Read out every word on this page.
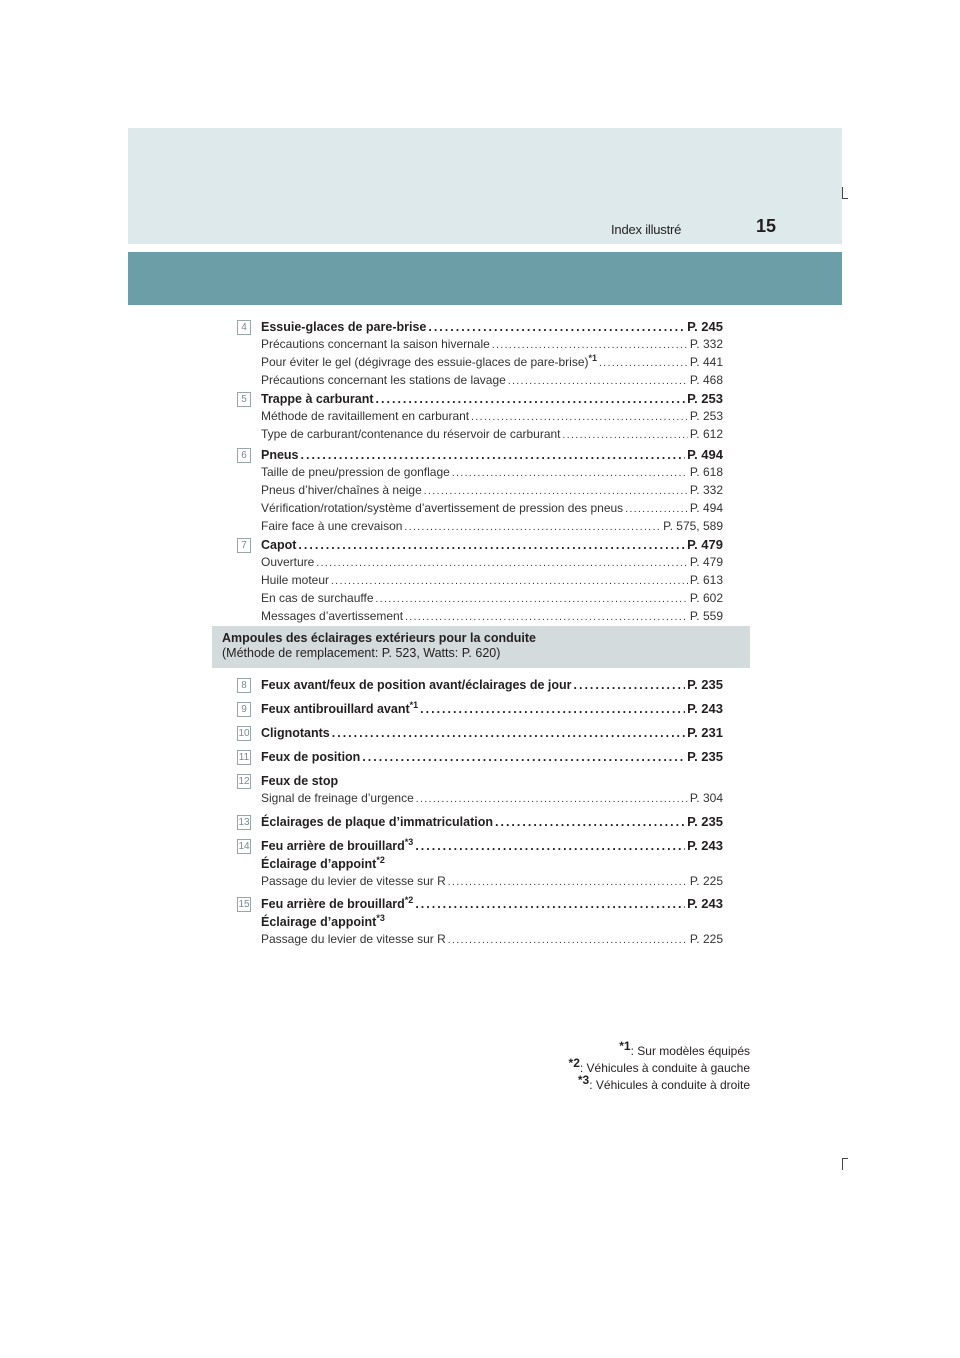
Index illustré	15
4	Essuie-glaces de pare-brise .....	P. 245
Précautions concernant la saison hivernale .....	P. 332
Pour éviter le gel (dégivrage des essuie-glaces de pare-brise)$^{*1}$ .....	P. 441
Précautions concernant les stations de lavage .....	P. 468
5	Trappe à carburant .....	P. 253
Méthode de ravitaillement en carburant .....	P. 253
Type de carburant/contenance du réservoir de carburant .....	P. 612
6	Pneus .....	P. 494
Taille de pneu/pression de gonflage .....	P. 618
Pneus d’hiver/chaînes à neige .....	P. 332
Vérification/rotation/système d’avertissement de pression des pneus .....	P. 494
Faire face à une crevaison .....	P. 575, 589
7	Capot .....	P. 479
Ouverture .....	P. 479
Huile moteur .....	P. 613
En cas de surchauffe .....	P. 602
Messages d’avertissement .....	P. 559
Ampoules des éclairages extérieurs pour la conduite
(Méthode de remplacement: P. 523, Watts: P. 620)
8	Feux avant/feux de position avant/éclairages de jour .....	P. 235
9	Feux antibrouillard avant$^{*1}$ .....	P. 243
10 Clignotants .....	P. 231
11 Feux de position .....	P. 235
12 Feux de stop
Signal de freinage d’urgence .....	P. 304
13 Éclairages de plaque d’immatriculation .....	P. 235
14 Feu arrière de brouillard$^{*3}$ .....	P. 243
Éclairage d’appoint$^{*2}$
Passage du levier de vitesse sur R .....	P. 225
15 Feu arrière de brouillard$^{*2}$ .....	P. 243
Éclairage d’appoint$^{*3}$
Passage du levier de vitesse sur R .....	P. 225
$^{*1}$: Sur modèles équipés
$^{*2}$: Véhicules à conduite à gauche
$^{*3}$: Véhicules à conduite à droite
